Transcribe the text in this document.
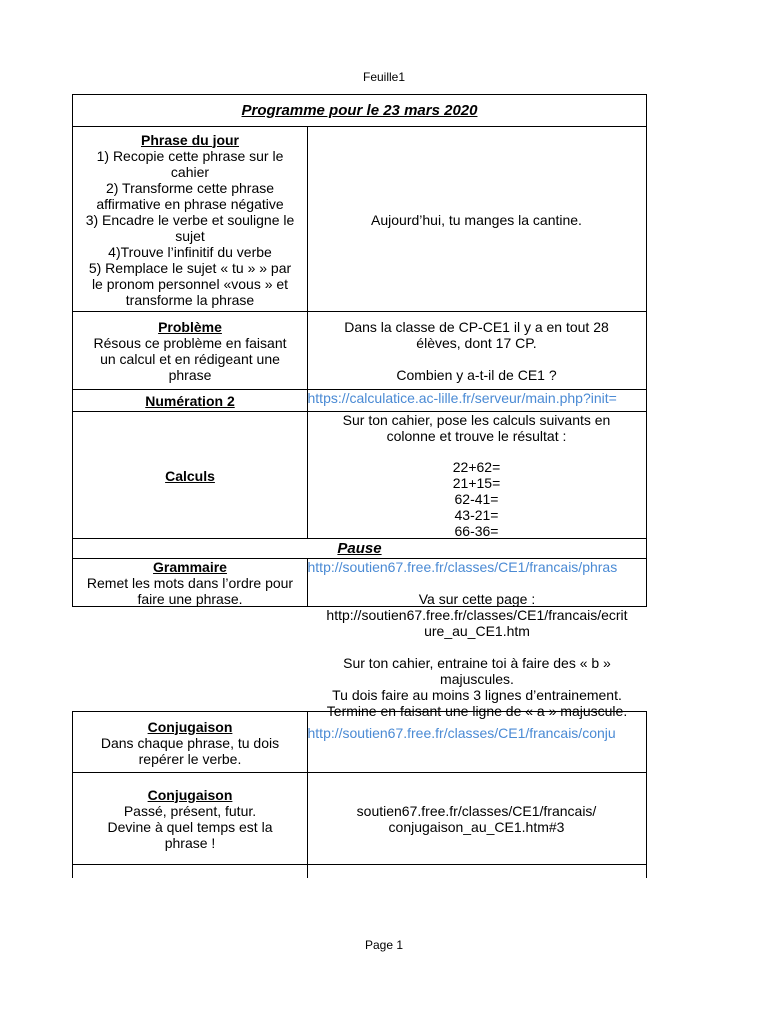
Feuille1
Programme pour le 23 mars 2020
Phrase du jour
1) Recopie cette phrase sur le
cahier
2) Transforme cette phrase
affirmative en phrase négative
3) Encadre le verbe et souligne le
sujet
4)Trouve l’infinitif du verbe
5) Remplace le sujet « tu » » par
le pronom personnel «vous » et
transforme la phrase
Aujourd’hui, tu manges la cantine.
Problème
Résous ce problème en faisant
un calcul et en rédigeant une
phrase
Dans la classe de CP-CE1 il y a en tout 28
élèves, dont 17 CP.
Combien y a-t-il de CE1 ?
Numération 2	https://calculatice.ac-lille.fr/serveur/main.php?init=
Calculs
Sur ton cahier, pose les calculs suivants en
colonne et trouve le résultat :
22+62=
21+15=
62-41=
43-21=
66-36=
Pause
Grammaire
Remet les mots dans l’ordre pour
faire une phrase.
http://soutien67.free.fr/classes/CE1/francais/phras
Va sur cette page :
http://soutien67.free.fr/classes/CE1/francais/ecrit
ure_au_CE1.htm
Sur ton cahier, entraine toi à faire des « b »
majuscules.
Tu dois faire au moins 3 lignes d’entrainement.
Termine en faisant une ligne de « a » majuscule.
Conjugaison
Dans chaque phrase, tu dois
repérer le verbe.
http://soutien67.free.fr/classes/CE1/francais/conju
Conjugaison
Passé, présent, futur.
Devine à quel temps est la
phrase !
soutien67.free.fr/classes/CE1/francais/
conjugaison_au_CE1.htm#3
Page 1
